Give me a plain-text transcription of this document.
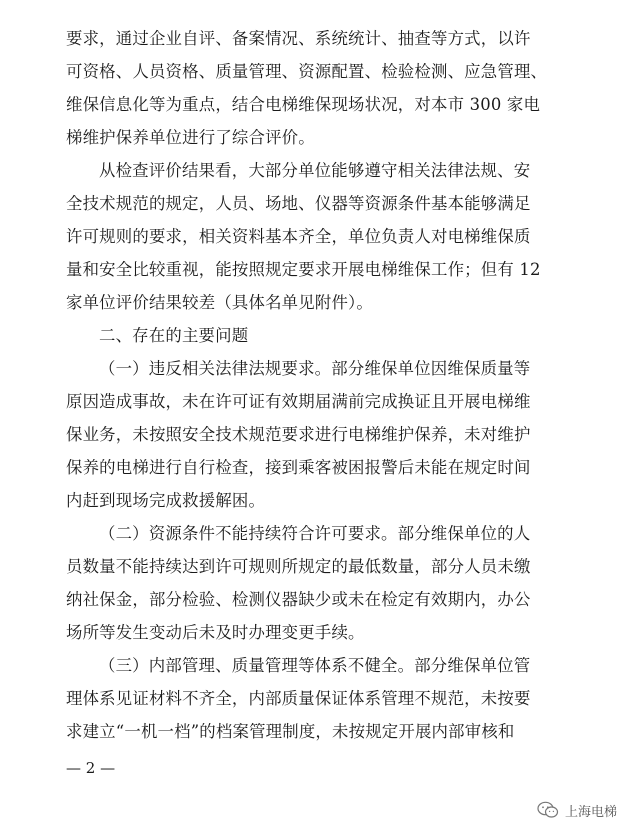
要求，通过企业自评、备案情况、系统统计、抽查等方式，以许
可资格、人员资格、质量管理、资源配置、检验检测、应急管理、
维保信息化等为重点，结合电梯维保现场状况，对本市 300 家电
梯维护保养单位进行了综合评价。
从检查评价结果看，大部分单位能够遵守相关法律法规、安
全技术规范的规定，人员、场地、仪器等资源条件基本能够满足
许可规则的要求，相关资料基本齐全，单位负责人对电梯维保质
量和安全比较重视，能按照规定要求开展电梯维保工作；但有 12
家单位评价结果较差（具体名单见附件）。
二、存在的主要问题
（一）违反相关法律法规要求。部分维保单位因维保质量等
原因造成事故，未在许可证有效期届满前完成换证且开展电梯维
保业务，未按照安全技术规范要求进行电梯维护保养，未对维护
保养的电梯进行自行检查，接到乘客被困报警后未能在规定时间
内赶到现场完成救援解困。
（二）资源条件不能持续符合许可要求。部分维保单位的人
员数量不能持续达到许可规则所规定的最低数量，部分人员未缴
纳社保金，部分检验、检测仪器缺少或未在检定有效期内，办公
场所等发生变动后未及时办理变更手续。
（三）内部管理、质量管理等体系不健全。部分维保单位管
理体系见证材料不齐全，内部质量保证体系管理不规范，未按要
— 2 —
上海电梯
求建立“一机一档”的档案管理制度，未按规定开展内部审核和
